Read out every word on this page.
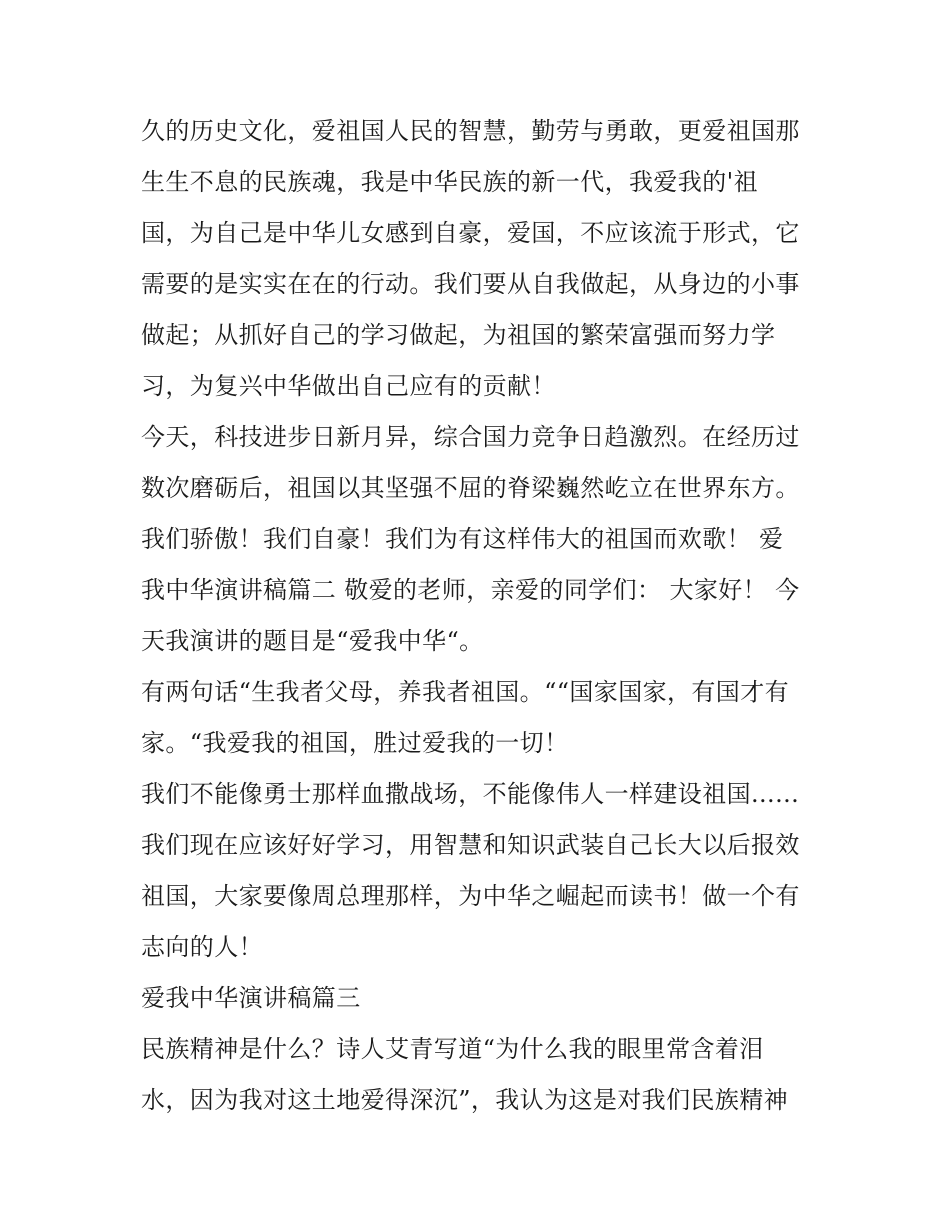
久的历史文化，爱祖国人民的智慧，勤劳与勇敢，更爱祖国那
生生不息的民族魂，我是中华民族的新一代，我爱我的'祖
国，为自己是中华儿女感到自豪，爱国，不应该流于形式，它
需要的是实实在在的行动。我们要从自我做起，从身边的小事
做起；从抓好自己的学习做起，为祖国的繁荣富强而努力学
习，为复兴中华做出自己应有的贡献！
今天，科技进步日新月异，综合国力竞争日趋激烈。在经历过
数次磨砺后，祖国以其坚强不屈的脊梁巍然屹立在世界东方。
我们骄傲！我们自豪！我们为有这样伟大的祖国而欢歌！ 爱
我中华演讲稿篇二 敬爱的老师，亲爱的同学们： 大家好！ 今
天我演讲的题目是“爱我中华“。
有两句话“生我者父母，养我者祖国。““国家国家，有国才有
家。“我爱我的祖国，胜过爱我的一切！
我们不能像勇士那样血撒战场，不能像伟人一样建设祖国......
我们现在应该好好学习，用智慧和知识武装自己长大以后报效
祖国，大家要像周总理那样，为中华之崛起而读书！做一个有
志向的人！
爱我中华演讲稿篇三
民族精神是什么？诗人艾青写道“为什么我的眼里常含着泪
水，因为我对这土地爱得深沉”，我认为这是对我们民族精神
